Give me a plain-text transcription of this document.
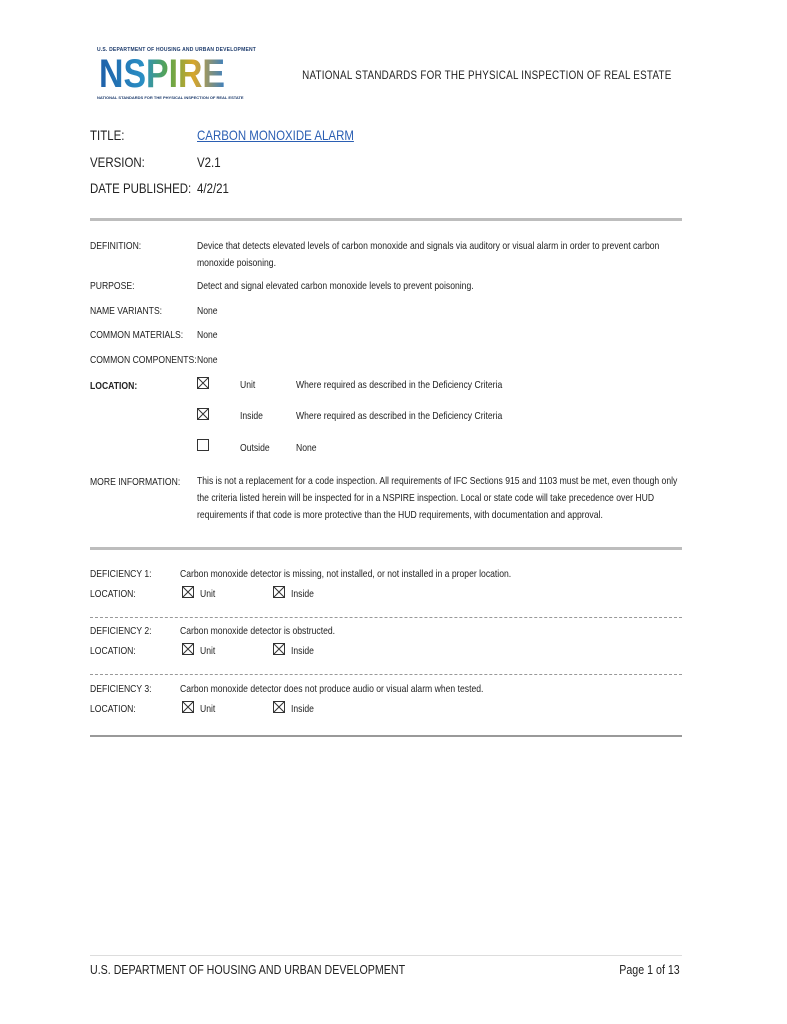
U.S. DEPARTMENT OF HOUSING AND URBAN DEVELOPMENT
NSPIRE
NATIONAL STANDARDS FOR THE PHYSICAL INSPECTION OF REAL ESTATE
NATIONAL STANDARDS FOR THE PHYSICAL INSPECTION OF REAL ESTATE
TITLE:	CARBON MONOXIDE ALARM
VERSION:	V2.1
DATE PUBLISHED: 4/2/21
DEFINITION:	Device that detects elevated levels of carbon monoxide and signals via auditory or visual alarm in order to prevent carbon monoxide poisoning.
PURPOSE:	Detect and signal elevated carbon monoxide levels to prevent poisoning.
NAME VARIANTS:	None
COMMON MATERIALS: None
COMMON COMPONENTS: None
LOCATION:	Unit	Where required as described in the Deficiency Criteria
Inside	Where required as described in the Deficiency Criteria
Outside	None
MORE INFORMATION: This is not a replacement for a code inspection. All requirements of IFC Sections 915 and 1103 must be met, even though only the criteria listed herein will be inspected for in a NSPIRE inspection. Local or state code will take precedence over HUD requirements if that code is more protective than the HUD requirements, with documentation and approval.
DEFICIENCY 1:	Carbon monoxide detector is missing, not installed, or not installed in a proper location.
LOCATION:	Unit	Inside
DEFICIENCY 2:	Carbon monoxide detector is obstructed.
LOCATION:	Unit	Inside
DEFICIENCY 3:	Carbon monoxide detector does not produce audio or visual alarm when tested.
LOCATION:	Unit	Inside
U.S. DEPARTMENT OF HOUSING AND URBAN DEVELOPMENT	Page 1 of 13
